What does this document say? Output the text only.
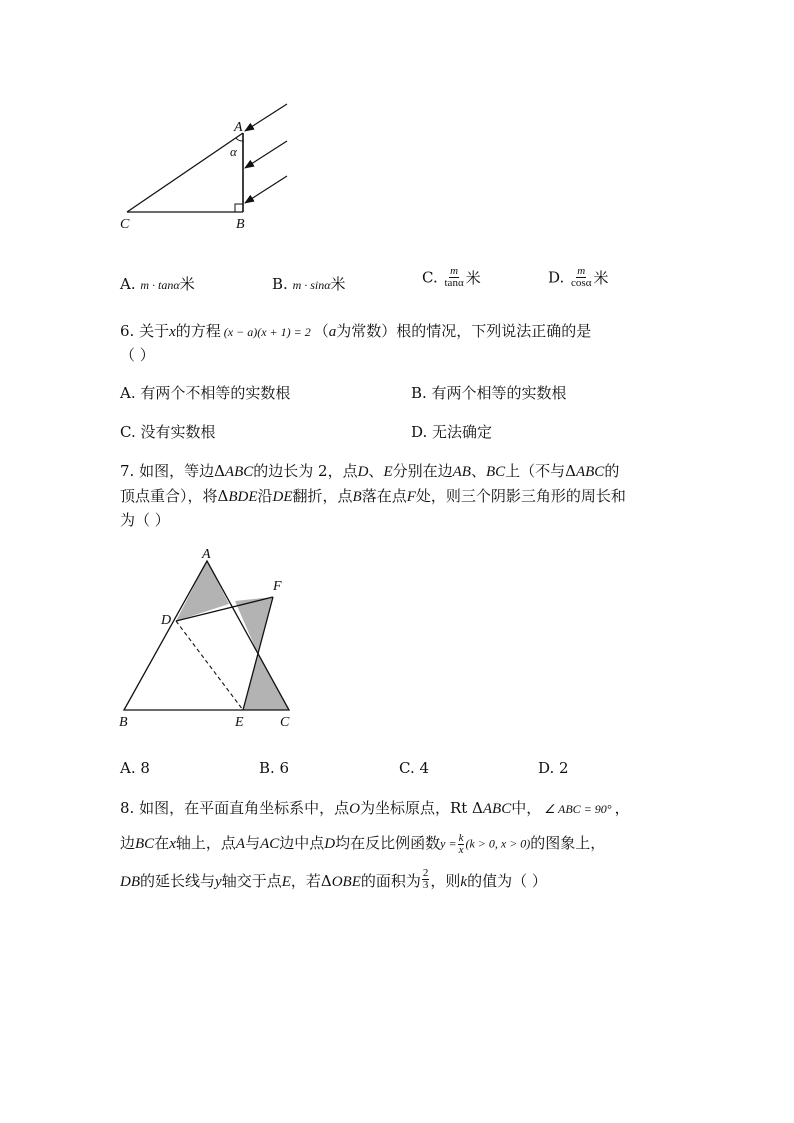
A
α
C	B
A. m · tanα米	B. m · sinα米	C. $\frac{m}{\tan\alpha}$ 米	D. $\frac{m}{\cos\alpha}$ 米
6. 关于x的方程 (x − a)(x + 1) = 2 （a为常数）根的情况，下列说法正确的是
（ ）
A. 有两个不相等的实数根	B. 有两个相等的实数根
C. 没有实数根	D. 无法确定
7. 如图，等边ΔABC的边长为 2，点D、E分别在边AB、BC上（不与ΔABC的
顶点重合），将ΔBDE沿DE翻折，点B落在点F处，则三个阴影三角形的周长和
为（ ）
A
F
D
B	E	C
A. 8	B. 6	C. 4	D. 2
8. 如图，在平面直角坐标系中，点O为坐标原点，Rt ΔABC中， ∠ ABC = 90° ，
边BC在x轴上，点A与AC边中点D均在反比例函数$y = \frac{k}{x} (k > 0$, x > 0)的图象上，
DB的延长线与y轴交于点E，若ΔOBE的面积为 $\frac{2}{3}$ ，则k的值为（ ）
